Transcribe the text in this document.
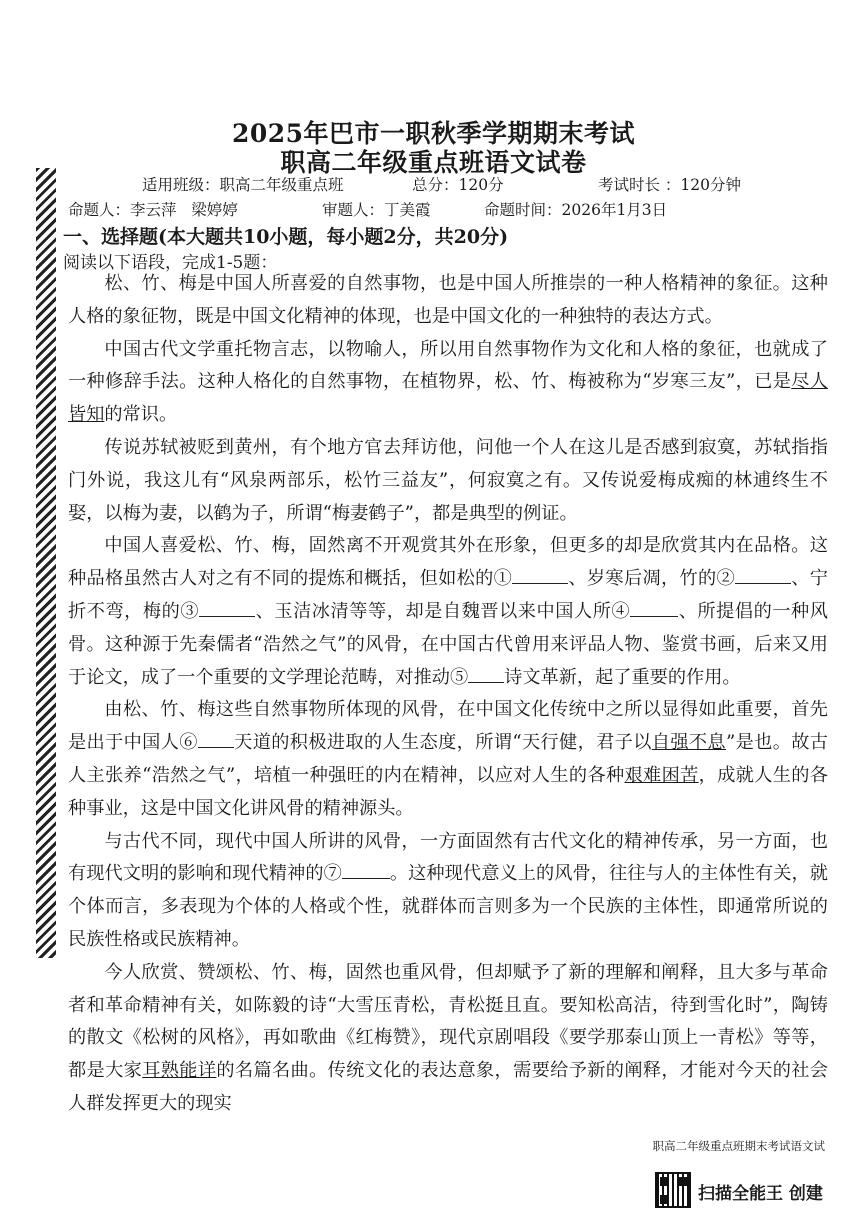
2025年巴市一职秋季学期期末考试
职高二年级重点班语文试卷
适用班级：职高二年级重点班	总分：120分	考试时长 ：120分钟
命题人：李云萍   梁婷婷	审题人：丁美霞	命题时间：2026年1月3日
一、选择题(本大题共10小题，每小题2分，共20分)
阅读以下语段，完成1-5题：

松、竹、梅是中国人所喜爱的自然事物，也是中国人所推崇的一种人格精神的象征。这种人格的象征物，既是中国文化精神的体现，也是中国文化的一种独特的表达方式。

中国古代文学重托物言志，以物喻人，所以用自然事物作为文化和人格的象征，也就成了一种修辞手法。这种人格化的自然事物，在植物界，松、竹、梅被称为“岁寒三友”，已是尽人皆知的常识。

传说苏轼被贬到黄州，有个地方官去拜访他，问他一个人在这儿是否感到寂寞，苏轼指指门外说，我这儿有“风泉两部乐，松竹三益友”，何寂寞之有。又传说爱梅成痴的林逋终生不娶，以梅为妻，以鹤为子，所谓“梅妻鹤子”，都是典型的例证。

中国人喜爱松、竹、梅，固然离不开观赏其外在形象，但更多的却是欣赏其内在品格。这种品格虽然古人对之有不同的提炼和概括，但如松的①	、岁寒后凋，竹的②	、宁折不弯，梅的③	、玉洁冰清等等，却是自魏晋以来中国人所④	、所提倡的一种风骨。这种源于先秦儒者“浩然之气”的风骨，在中国古代曾用来评品人物、鉴赏书画，后来又用于论文，成了一个重要的文学理论范畴，对推动⑤ 诗文革新，起了重要的作用。

由松、竹、梅这些自然事物所体现的风骨，在中国文化传统中之所以显得如此重要，首先是出于中国人⑥ 天道的积极进取的人生态度，所谓“天行健，君子以自强不息”是也。故古人主张养“浩然之气”，培植一种强旺的内在精神，以应对人生的各种艰难困苦，成就人生的各种事业，这是中国文化讲风骨的精神源头。

与古代不同，现代中国人所讲的风骨，一方面固然有古代文化的精神传承，另一方面，也有现代文明的影响和现代精神的⑦	。这种现代意义上的风骨，往往与人的主体性有关，就个体而言，多表现为个体的人格或个性，就群体而言则多为一个民族的主体性，即通常所说的民族性格或民族精神。

今人欣赏、赞颂松、竹、梅，固然也重风骨，但却赋予了新的理解和阐释，且大多与革命者和革命精神有关，如陈毅的诗“大雪压青松，青松挺且直。要知松高洁，待到雪化时”，陶铸的散文《松树的风格》，再如歌曲《红梅赞》，现代京剧唱段《要学那泰山顶上一青松》等等，都是大家耳熟能详的名篇名曲。传统文化的表达意象，需要给予新的阐释，才能对今天的社会人群发挥更大的现实

职高二年级重点班期末考试语文试
扫描全能王 创建
